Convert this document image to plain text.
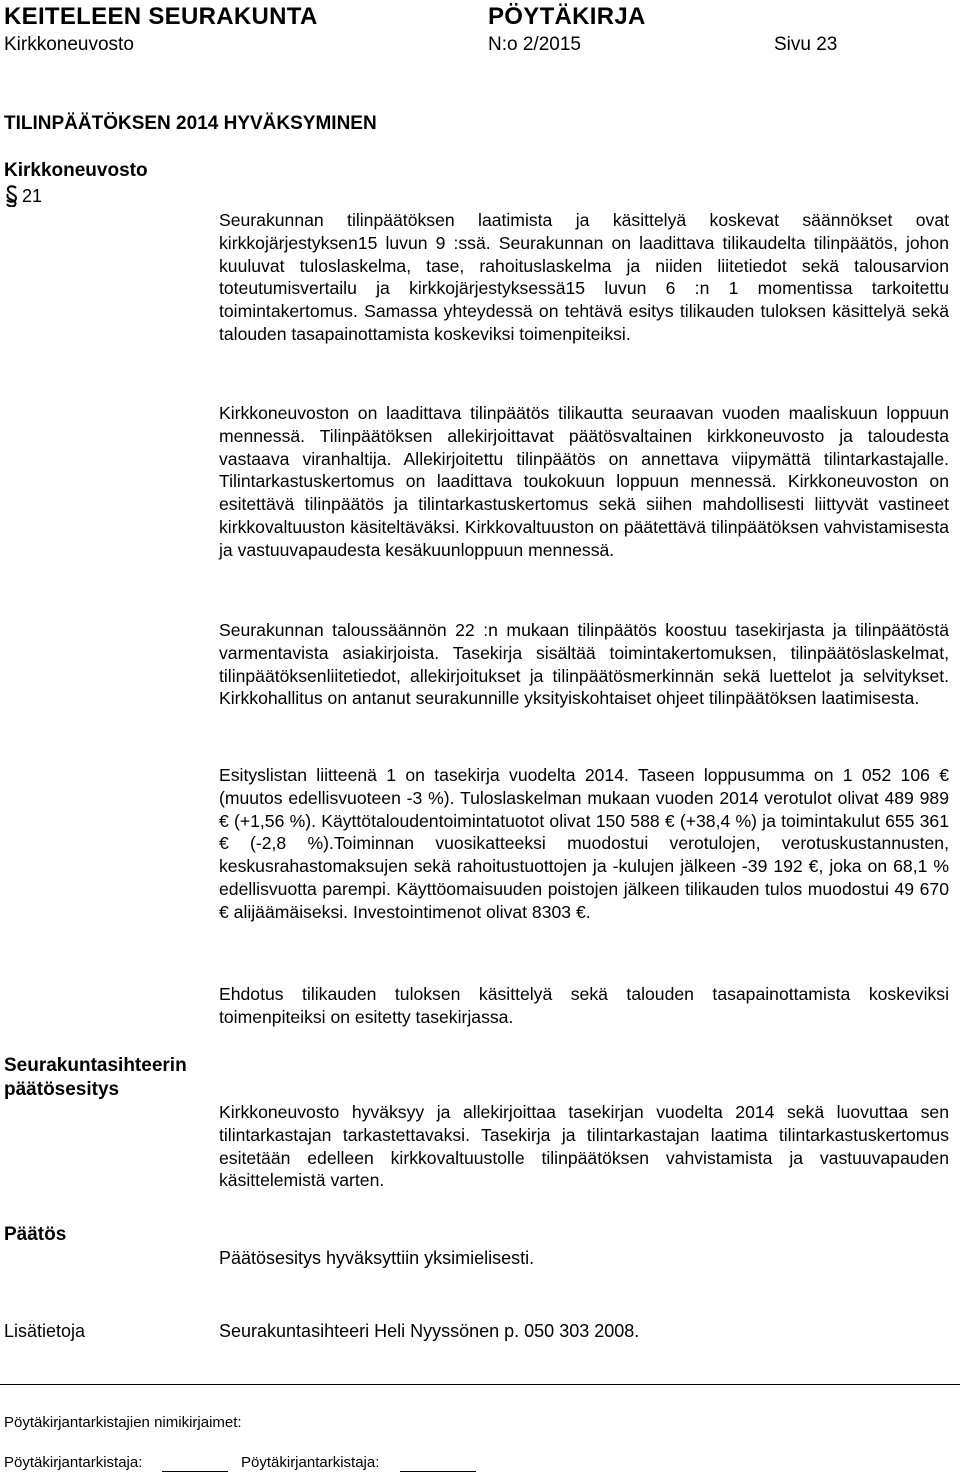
KEITELEEN SEURAKUNTA	PÖYTÄKIRJA
Kirkkoneuvosto	N:o 2/2015	Sivu 23
TILINPÄÄTÖKSEN 2014 HYVÄKSYMINEN
Kirkkoneuvosto
21
Seurakunnan tilinpäätöksen laatimista ja käsittelyä koskevat säännökset ovat kirkkojärjestyksen15 luvun 9 :ssä. Seurakunnan on laadittava tilikaudelta tilinpäätös, johon kuuluvat tuloslaskelma, tase, rahoituslaskelma ja niiden liitetiedot sekä talousarvion toteutumisvertailu ja kirkkojärjestyksessä15 luvun 6 :n 1 momentissa tarkoitettu toimintakertomus. Samassa yhteydessä on tehtävä esitys tilikauden tuloksen käsittelyä sekä talouden tasapainottamista koskeviksi toimenpiteiksi.
Kirkkoneuvoston on laadittava tilinpäätös tilikautta seuraavan vuoden maaliskuun loppuun mennessä. Tilinpäätöksen allekirjoittavat päätösvaltainen kirkkoneuvosto ja taloudesta vastaava viranhaltija. Allekirjoitettu tilinpäätös on annettava viipymättä tilintarkastajalle. Tilintarkastuskertomus on laadittava toukokuun loppuun mennessä. Kirkkoneuvoston on esitettävä tilinpäätös ja tilintarkastuskertomus sekä siihen mahdollisesti liittyvät vastineet kirkkovaltuuston käsiteltäväksi. Kirkkovaltuuston on päätettävä tilinpäätöksen vahvistamisesta ja vastuuvapaudesta kesäkuunloppuun mennessä.
Seurakunnan taloussäännön 22 :n mukaan tilinpäätös koostuu tasekirjasta ja tilinpäätöstä varmentavista asiakirjoista. Tasekirja sisältää toimintakertomuksen, tilinpäätöslaskelmat, tilinpäätöksenliitetiedot, allekirjoitukset ja tilinpäätösmerkinnän sekä luettelot ja selvitykset. Kirkkohallitus on antanut seurakunnille yksityiskohtaiset ohjeet tilinpäätöksen laatimisesta.
Esityslistan liitteenä 1 on tasekirja vuodelta 2014. Taseen loppusumma on 1 052 106 € (muutos edellisvuoteen -3 %). Tuloslaskelman mukaan vuoden 2014 verotulot olivat 489 989 € (+1,56 %). Käyttötaloudentoimintatuotot olivat 150 588 € (+38,4 %) ja toimintakulut 655 361 € (-2,8 %).Toiminnan vuosikatteeksi muodostui verotulojen, verotuskustannusten, keskusrahastomaksujen sekä rahoitustuottojen ja -kulujen jälkeen -39 192 €, joka on 68,1 % edellisvuotta parempi. Käyttöomaisuuden poistojen jälkeen tilikauden tulos muodostui 49 670 € alijäämäiseksi. Investointimenot olivat 8303 €.
Ehdotus tilikauden tuloksen käsittelyä sekä talouden tasapainottamista koskeviksi toimenpiteiksi on esitetty tasekirjassa.
Seurakuntasihteerin
päätösesitys
Kirkkoneuvosto hyväksyy ja allekirjoittaa tasekirjan vuodelta 2014 sekä luovuttaa sen tilintarkastajan tarkastettavaksi. Tasekirja ja tilintarkastajan laatima tilintarkastuskertomus esitetään edelleen kirkkovaltuustolle tilinpäätöksen vahvistamista ja vastuuvapauden käsittelemistä varten.
Päätös
Päätösesitys hyväksyttiin yksimielisesti.
Lisätietoja	Seurakuntasihteeri Heli Nyyssönen p. 050 303 2008.
Pöytäkirjantarkistajien nimikirjaimet:
Pöytäkirjantarkistaja:	Pöytäkirjantarkistaja:
